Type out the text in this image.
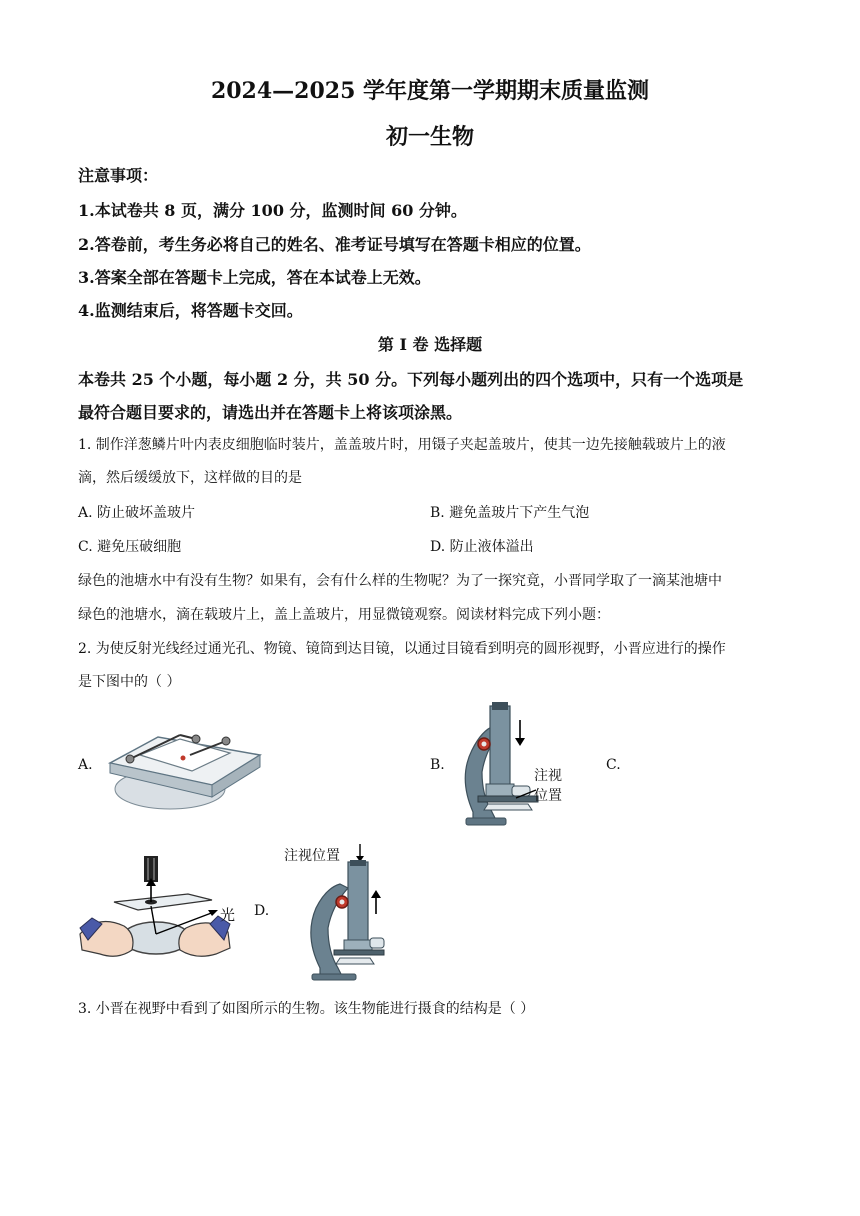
2024—2025 学年度第一学期期末质量监测
初一生物
注意事项：
1.本试卷共 8 页，满分 100 分，监测时间 60 分钟。
2.答卷前，考生务必将自己的姓名、准考证号填写在答题卡相应的位置。
3.答案全部在答题卡上完成，答在本试卷上无效。
4.监测结束后，将答题卡交回。
第 I 卷 选择题
本卷共 25 个小题，每小题 2 分，共 50 分。下列每小题列出的四个选项中，只有一个选项是
最符合题目要求的，请选出并在答题卡上将该项涂黑。
1. 制作洋葱鳞片叶内表皮细胞临时装片，盖盖玻片时，用镊子夹起盖玻片，使其一边先接触载玻片上的液
滴，然后缓缓放下，这样做的目的是
A. 防止破坏盖玻片	B. 避免盖玻片下产生气泡
C. 避免压破细胞	D. 防止液体溢出
绿色的池塘水中有没有生物？如果有，会有什么样的生物呢？为了一探究竟，小晋同学取了一滴某池塘中
绿色的池塘水，滴在载玻片上，盖上盖玻片，用显微镜观察。阅读材料完成下列小题：
2. 为使反射光线经过通光孔、物镜、镜筒到达目镜，以通过目镜看到明亮的圆形视野，小晋应进行的操作
是下图中的（ ）
A.	B.	C.
D.
注视
位置
光
注视位置
3. 小晋在视野中看到了如图所示的生物。该生物能进行摄食的结构是（ ）
